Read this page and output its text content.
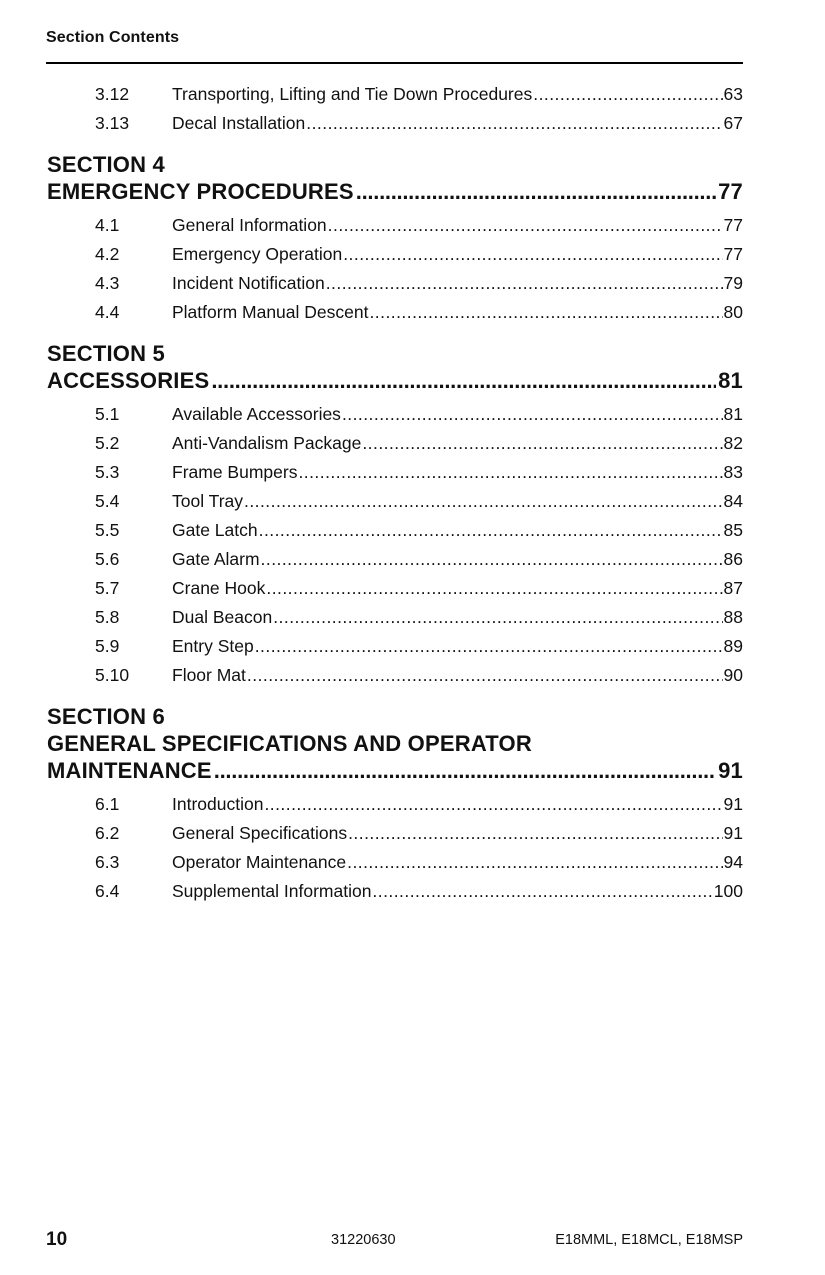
Section Contents
3.12 Transporting, Lifting and Tie Down Procedures . . .	63
3.13 Decal Installation . . .	67
SECTION 4
EMERGENCY PROCEDURES . . .	77
4.1	General Information . . .	77
4.2	Emergency Operation . . .	77
4.3	Incident Notification . . .	79
4.4	Platform Manual Descent . . .	80
SECTION 5
ACCESSORIES . . .	81
5.1	Available Accessories . . .	81
5.2	Anti-Vandalism Package . . .	82
5.3	Frame Bumpers . . .	83
5.4	Tool Tray . . .	84
5.5	Gate Latch . . .	85
5.6	Gate Alarm . . .	86
5.7	Crane Hook . . .	87
5.8	Dual Beacon . . .	88
5.9	Entry Step . . .	89
5.10 Floor Mat . . .	90
SECTION 6
GENERAL SPECIFICATIONS AND OPERATOR
MAINTENANCE . . .	91
6.1	Introduction . . .	91
6.2	General Specifications . . .	91
6.3	Operator Maintenance . . .	94
6.4	Supplemental Information . . .	100
10	31220630	E18MML, E18MCL, E18MSP
